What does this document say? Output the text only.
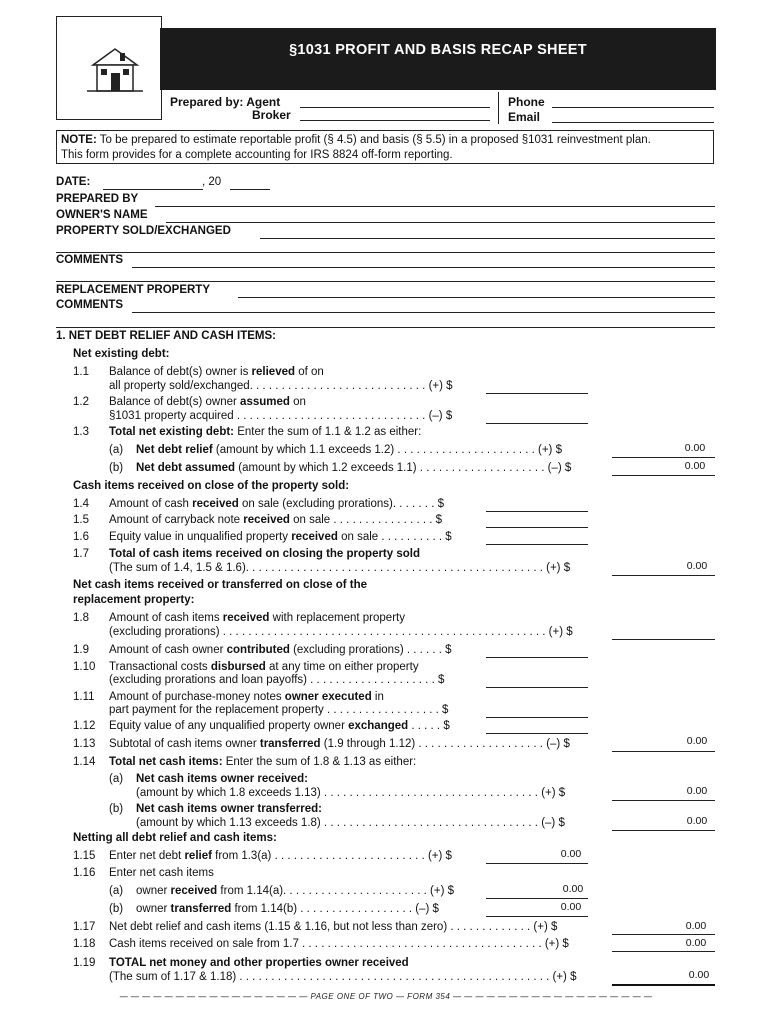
§1031 PROFIT AND BASIS RECAP SHEET
Prepared by: Agent
Broker
Phone
Email
NOTE: To be prepared to estimate reportable profit (§ 4.5) and basis (§ 5.5) in a proposed §1031 reinvestment plan.
This form provides for a complete accounting for IRS 8824 off-form reporting.
DATE:	, 20
PREPARED BY
OWNER'S NAME
PROPERTY SOLD/EXCHANGED
COMMENTS
REPLACEMENT PROPERTY
COMMENTS
1. NET DEBT RELIEF AND CASH ITEMS:
Net existing debt:
1.1 Balance of debt(s) owner is relieved of on
all property sold/exchanged. . . . . . . . . . . . . . . . . . . . . . . . . . . . (+) $
1.2 Balance of debt(s) owner assumed on
§1031 property acquired . . . . . . . . . . . . . . . . . . . . . . . . . . . . . . (–) $
1.3 Total net existing debt: Enter the sum of 1.1 & 1.2 as either:
(a) Net debt relief (amount by which 1.1 exceeds 1.2) . . . . . . . . . . . . . . . . . . . . . . (+) $	0.00
(b) Net debt assumed (amount by which 1.2 exceeds 1.1) . . . . . . . . . . . . . . . . . . . . (–) $	0.00
Cash items received on close of the property sold:
1.4 Amount of cash received on sale (excluding prorations). . . . . . . $
1.5 Amount of carryback note received on sale . . . . . . . . . . . . . . . . $
1.6 Equity value in unqualified property received on sale . . . . . . . . . . $
1.7 Total of cash items received on closing the property sold
(The sum of 1.4, 1.5 & 1.6). . . . . . . . . . . . . . . . . . . . . . . . . . . . . . . . . . . . . . . . . . . . . . . (+) $	0.00
Net cash items received or transferred on close of the
replacement property:
1.8 Amount of cash items received with replacement property
(excluding prorations) . . . . . . . . . . . . . . . . . . . . . . . . . . . . . . . . . . . . . . . . . . . . . . . . . . . (+) $
1.9 Amount of cash owner contributed (excluding prorations) . . . . . . $
1.10 Transactional costs disbursed at any time on either property
(excluding prorations and loan payoffs) . . . . . . . . . . . . . . . . . . . . $
1.11 Amount of purchase-money notes owner executed in
part payment for the replacement property . . . . . . . . . . . . . . . . . . $
1.12 Equity value of any unqualified property owner exchanged . . . . . $
1.13 Subtotal of cash items owner transferred (1.9 through 1.12) . . . . . . . . . . . . . . . . . . . . (–) $	0.00
1.14 Total net cash items: Enter the sum of 1.8 & 1.13 as either:
(a) Net cash items owner received:
(amount by which 1.8 exceeds 1.13) . . . . . . . . . . . . . . . . . . . . . . . . . . . . . . . . . . (+) $	0.00
(b) Net cash items owner transferred:
(amount by which 1.13 exceeds 1.8) . . . . . . . . . . . . . . . . . . . . . . . . . . . . . . . . . . (–) $	0.00
Netting all debt relief and cash items:
1.15 Enter net debt relief from 1.3(a) . . . . . . . . . . . . . . . . . . . . . . . . (+) $	0.00
1.16 Enter net cash items
(a) owner received from 1.14(a). . . . . . . . . . . . . . . . . . . . . . . (+) $	0.00
(b) owner transferred from 1.14(b) . . . . . . . . . . . . . . . . . . (–) $	0.00
1.17 Net debt relief and cash items (1.15 & 1.16, but not less than zero) . . . . . . . . . . . . . (+) $	0.00
1.18 Cash items received on sale from 1.7 . . . . . . . . . . . . . . . . . . . . . . . . . . . . . . . . . . . . . . (+) $	0.00
1.19 TOTAL net money and other properties owner received
(The sum of 1.17 & 1.18) . . . . . . . . . . . . . . . . . . . . . . . . . . . . . . . . . . . . . . . . . . . . . . . . . (+) $	0.00
— — — — — — — — — — — — — — — — — PAGE ONE OF TWO — FORM 354 — — — — — — — — — — — — — — — — — —
